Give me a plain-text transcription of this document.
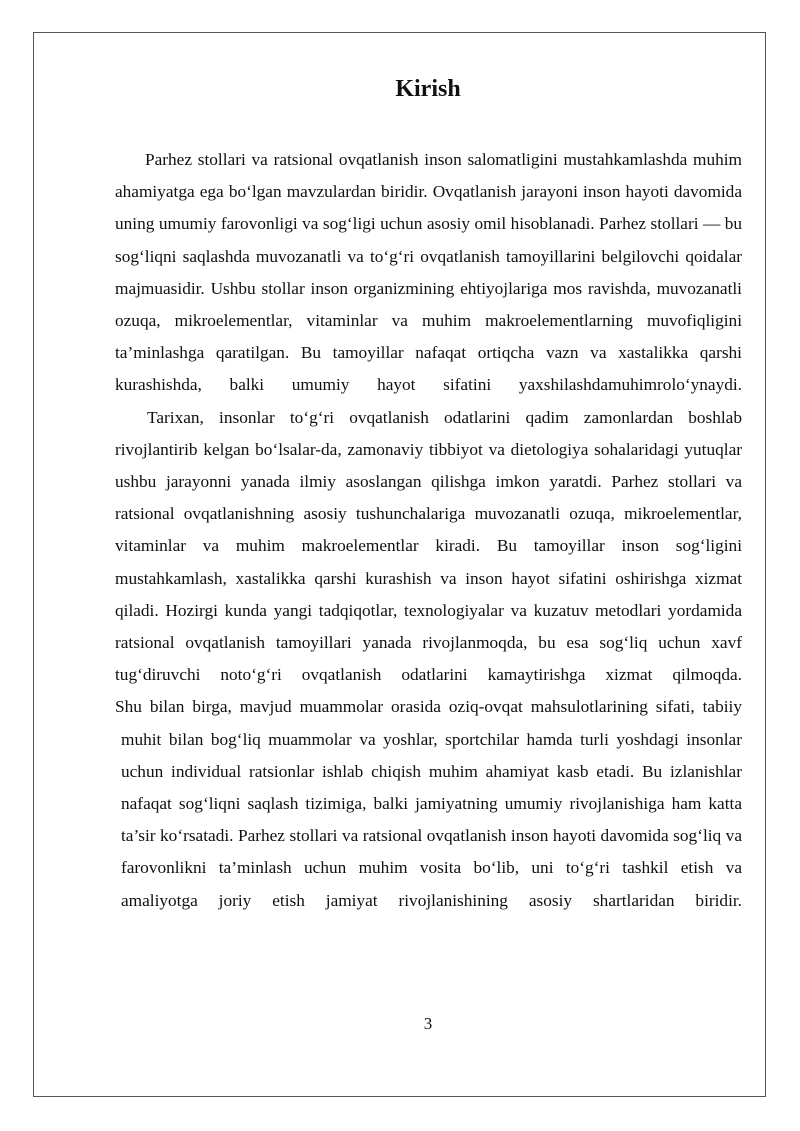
Kirish

Parhez stollari va ratsional ovqatlanish inson salomatligini mustahkamlashda muhim ahamiyatga ega bo‘lgan mavzulardan biridir. Ovqatlanish jarayoni inson hayoti davomida uning umumiy farovonligi va sog‘ligi uchun asosiy omil hisoblanadi. Parhez stollari — bu sog‘liqni saqlashda muvozanatli va to‘g‘ri ovqatlanish tamoyillarini belgilovchi qoidalar majmuasidir. Ushbu stollar inson organizmining ehtiyojlariga mos ravishda, muvozanatli ozuqa, mikroelementlar, vitaminlar va muhim makroelementlarning muvofiqligini ta’minlashga qaratilgan. Bu tamoyillar nafaqat ortiqcha vazn va xastalikka qarshi kurashishda, balki umumiy hayot sifatini yaxshilashdamuhimrolo‘ynaydi.

Tarixan, insonlar to‘g‘ri ovqatlanish odatlarini qadim zamonlardan boshlab rivojlantirib kelgan bo‘lsalar-da, zamonaviy tibbiyot va dietologiya sohalaridagi yutuqlar ushbu jarayonni yanada ilmiy asoslangan qilishga imkon yaratdi. Parhez stollari va ratsional ovqatlanishning asosiy tushunchalariga muvozanatli ozuqa, mikroelementlar, vitaminlar va muhim makroelementlar kiradi. Bu tamoyillar inson sog‘ligini mustahkamlash, xastalikka qarshi kurashish va inson hayot sifatini oshirishga xizmat qiladi. Hozirgi kunda yangi tadqiqotlar, texnologiyalar va kuzatuv metodlari yordamida ratsional ovqatlanish tamoyillari yanada rivojlanmoqda, bu esa sog‘liq uchun xavf tug‘diruvchi noto‘g‘ri ovqatlanish odatlarini kamaytirishga xizmat qilmoqda.

Shu bilan birga, mavjud muammolar orasida oziq-ovqat mahsulotlarining sifati, tabiiy muhit bilan bog‘liq muammolar va yoshlar, sportchilar hamda turli yoshdagi insonlar uchun individual ratsionlar ishlab chiqish muhim ahamiyat kasb etadi. Bu izlanishlar nafaqat sog‘liqni saqlash tizimiga, balki jamiyatning umumiy rivojlanishiga ham katta ta’sir ko‘rsatadi. Parhez stollari va ratsional ovqatlanish inson hayoti davomida sog‘liq va farovonlikni ta’minlash uchun muhim vosita bo‘lib, uni to‘g‘ri tashkil etish va amaliyotga joriy etish jamiyat rivojlanishining asosiy shartlaridan biridir.

3
